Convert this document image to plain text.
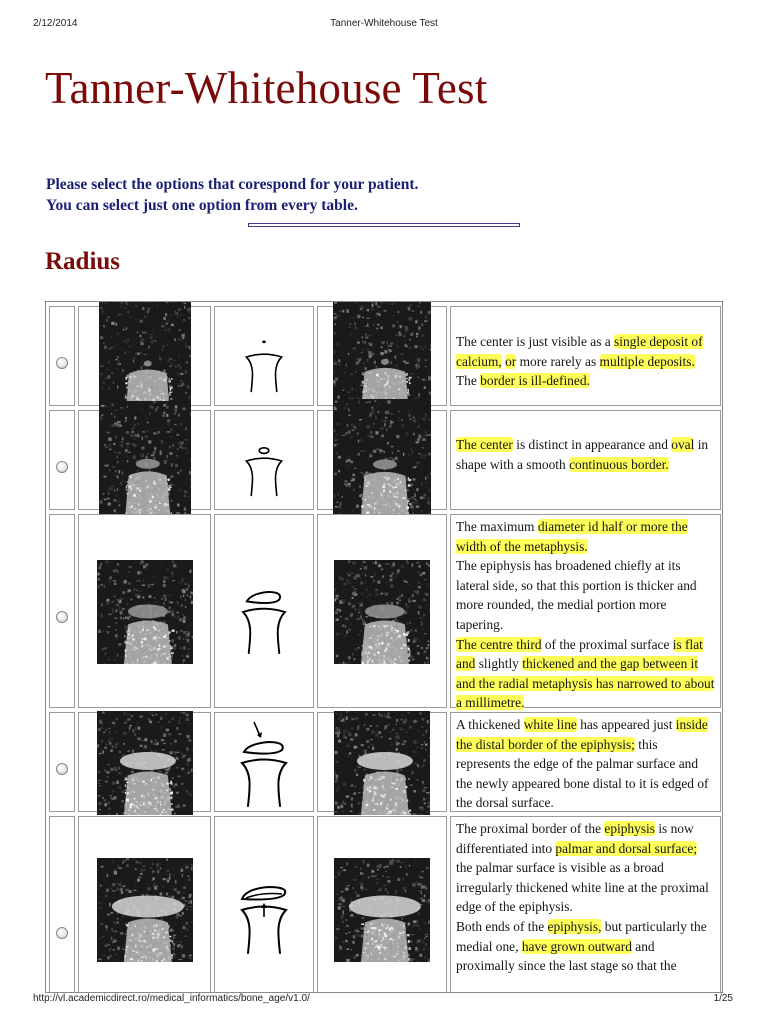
2/12/2014	Tanner-Whitehouse Test
Tanner-Whitehouse Test
Please select the options that corespond for your patient.
You can select just one option from every table.
Radius

The center is just visible as a single deposit of calcium, or more rarely as multiple deposits. The border is ill-defined.

The center is distinct in appearance and oval in shape with a smooth continuous border.

The maximum diameter id half or more the width of the metaphysis.

The epiphysis has broadened chiefly at its lateral side, so that this portion is thicker and more rounded, the medial portion more tapering.

The centre third of the proximal surface is flat and slightly thickened and the gap between it and the radial metaphysis has narrowed to about a millimetre.

A thickened white line has appeared just inside the distal border of the epiphysis; this represents the edge of the palmar surface and the newly appeared bone distal to it is edged of the dorsal surface.

The proximal border of the epiphysis is now differentiated into palmar and dorsal surface; the palmar surface is visible as a broad irregularly thickened white line at the proximal edge of the epiphysis.

Both ends of the epiphysis, but particularly the medial one, have grown outward and proximally since the last stage so that the

http://vl.academicdirect.ro/medical_informatics/bone_age/v1.0/	1/25
